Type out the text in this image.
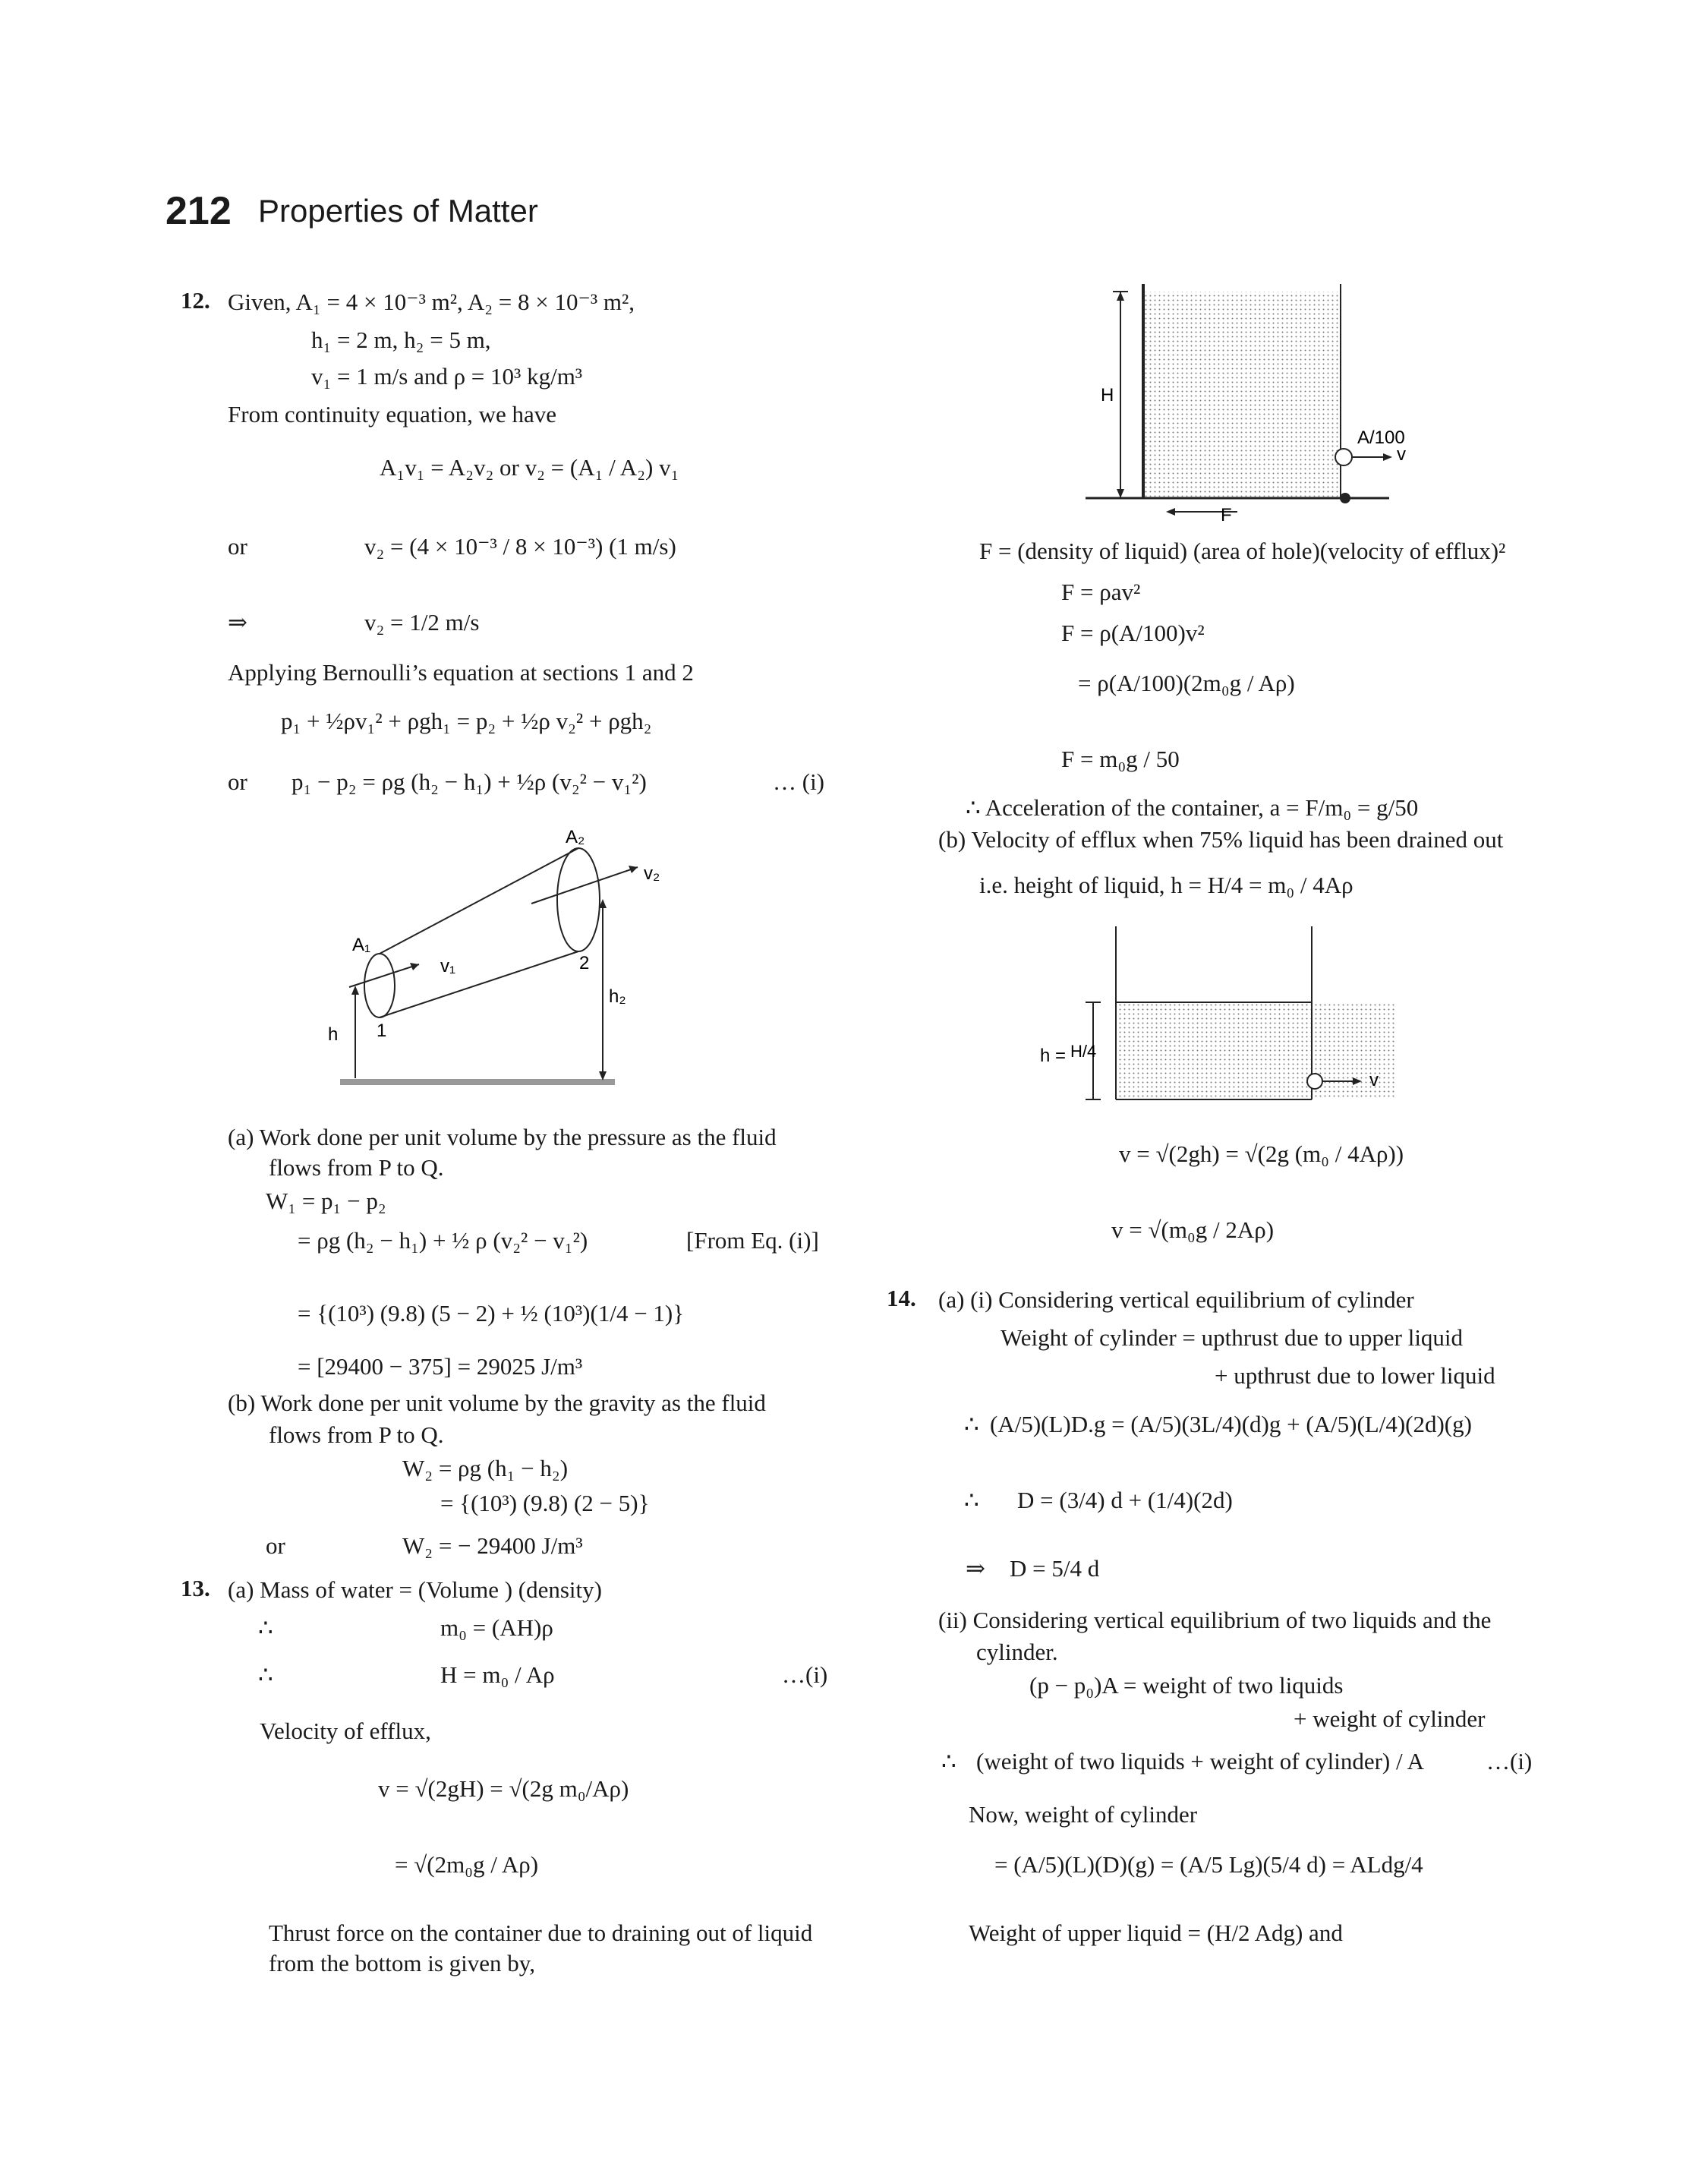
212 Properties of Matter
12. Given, A₁ = 4 × 10⁻³ m², A₂ = 8 × 10⁻³ m²,
h₁ = 2 m, h₂ = 5 m,
v₁ = 1 m/s and ρ = 10³ kg/m³
From continuity equation, we have
A₁v₁ = A₂v₂ or v₂ = (A₁ / A₂) v₁
or	v₂ = (4 × 10⁻³ / 8 × 10⁻³) (1 m/s)
⇒	v₂ = 1/2 m/s
Applying Bernoulli’s equation at sections 1 and 2
p₁ + ½ρv₁² + ρgh₁ = p₂ + ½ρ v₂² + ρgh₂
or p₁ − p₂ = ρg (h₂ − h₁) + ½ρ (v₂² − v₁²)	… (i)
A₂
v₂
A₁
v₁	2
h₂
h 1
(a) Work done per unit volume by the pressure as the fluid
flows from P to Q.
W₁ = p₁ − p₂
= ρg (h₂ − h₁) + ½ ρ (v₂² − v₁²)	[From Eq. (i)]
= {(10³) (9.8) (5 − 2) + ½ (10³)(1/4 − 1)}
= [29400 − 375] = 29025 J/m³
(b) Work done per unit volume by the gravity as the fluid
flows from P to Q.
W₂ = ρg (h₁ − h₂)
= {(10³) (9.8) (2 − 5)}
or	W₂ = − 29400 J/m³
13. (a) Mass of water = (Volume ) (density)
∴	m₀ = (AH)ρ
∴	H = m₀ / Aρ	…(i)
Velocity of efflux,
v = √(2gH) = √(2g m₀/Aρ)
= √(2m₀g / Aρ)
Thrust force on the container due to draining out of liquid
from the bottom is given by,
H
A/100
v
F
F = (density of liquid) (area of hole)(velocity of efflux)²
F = ρav²
F = ρ(A/100)v²
= ρ(A/100)(2m₀g / Aρ)
F = m₀g / 50
∴ Acceleration of the container, a = F/m₀ = g/50
(b) Velocity of efflux when 75% liquid has been drained out
i.e. height of liquid, h = H/4 = m₀ / 4Aρ
h = H/4
v
v = √(2gh) = √(2g (m₀ / 4Aρ))
v = √(m₀g / 2Aρ)
14. (a) (i) Considering vertical equilibrium of cylinder
Weight of cylinder = upthrust due to upper liquid
+ upthrust due to lower liquid
∴ (A/5)(L)D.g = (A/5)(3L/4)(d)g + (A/5)(L/4)(2d)(g)
∴ D = (3/4) d + (1/4)(2d)
⇒ D = 5/4 d
(ii) Considering vertical equilibrium of two liquids and the
cylinder.
(p − p₀)A = weight of two liquids
+ weight of cylinder
∴ (weight of two liquids + weight of cylinder) / A	…(i)
Now, weight of cylinder
= (A/5)(L)(D)(g) = (A/5 Lg)(5/4 d) = ALdg/4
Weight of upper liquid = (H/2 Adg) and
